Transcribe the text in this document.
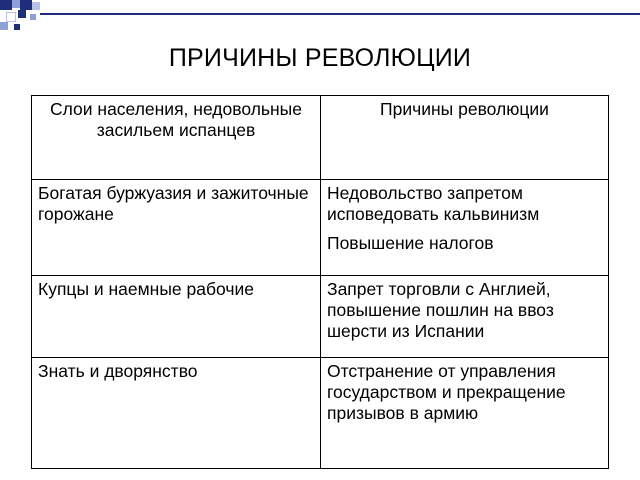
ПРИЧИНЫ РЕВОЛЮЦИИ
Слои населения, недовольные засильем испанцев	Причины революции
Богатая буржуазия и зажиточные горожане	Недовольство запретом исповедовать кальвинизм
Повышение налогов

Купцы и наемные рабочие	Запрет торговли с Англией, повышение пошлин на ввоз шерсти из Испании

Знать и дворянство	Отстранение от управления государством и прекращение призывов в армию
